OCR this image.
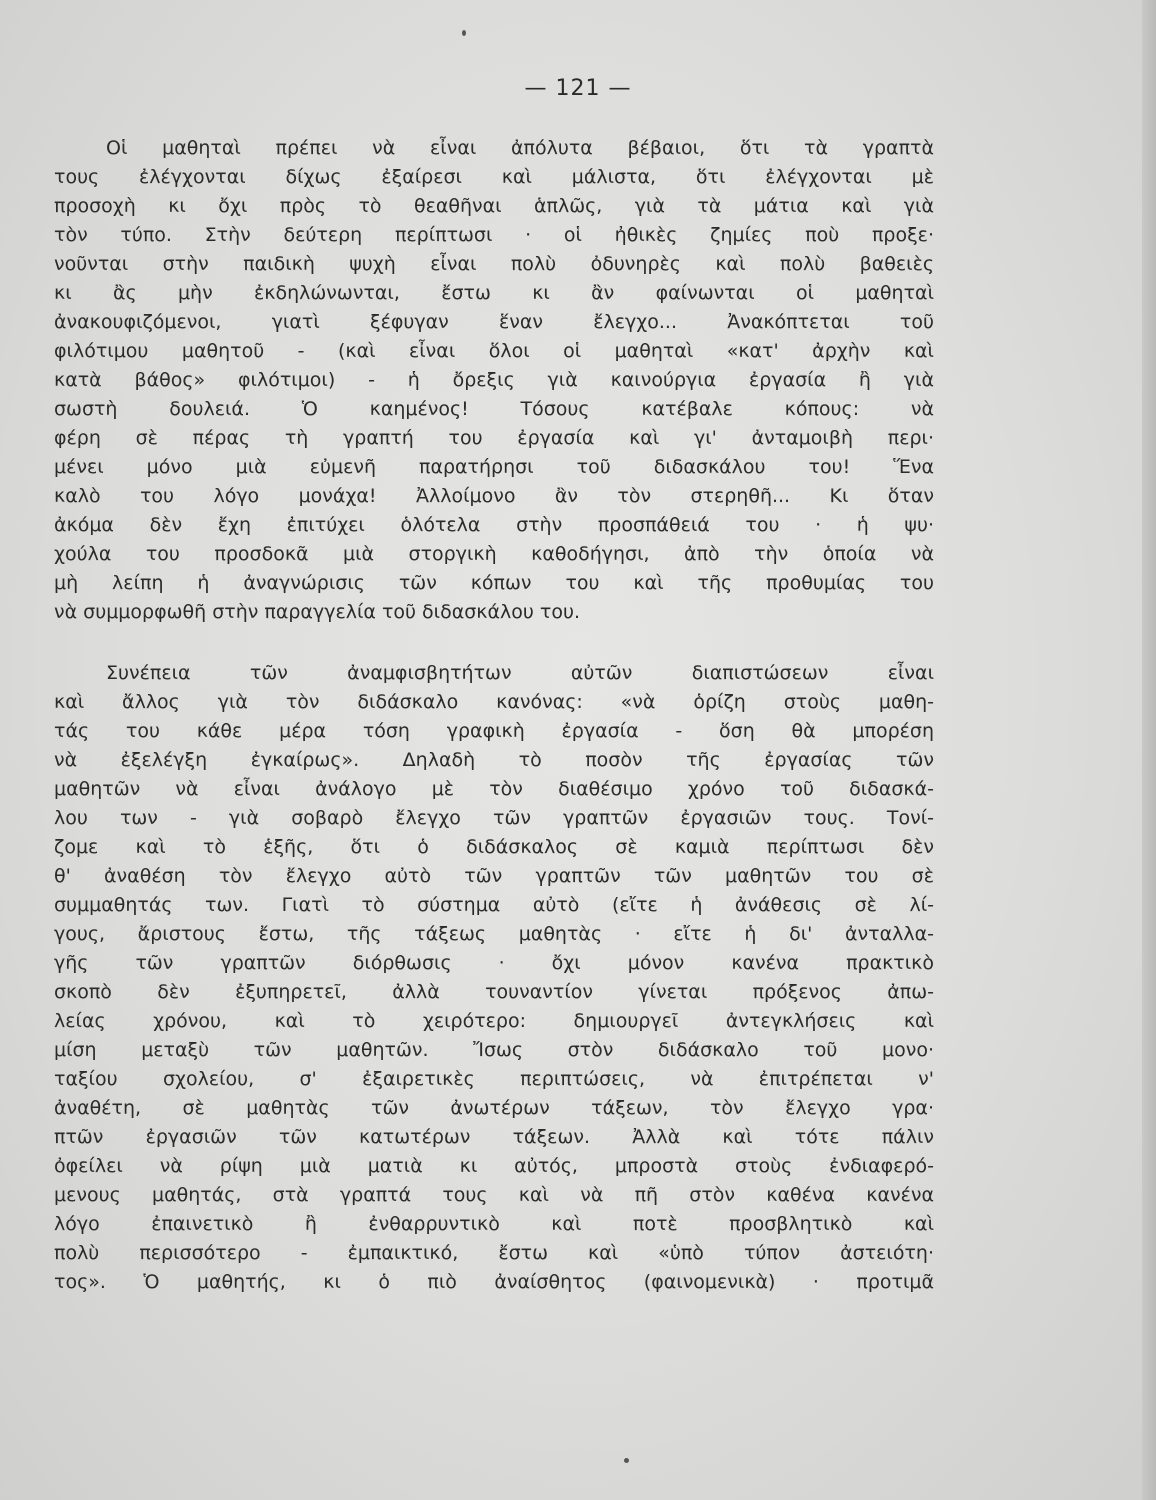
— 121 —
Οἱ μαθηταὶ πρέπει νὰ εἶναι ἀπόλυτα βέβαιοι, ὅτι τὰ γραπτὰ
τους ἐλέγχονται δίχως ἐξαίρεσι καὶ μάλιστα, ὅτι ἐλέγχονται μὲ
προσοχὴ κι ὄχι πρὸς τὸ θεαθῆναι ἁπλῶς, γιὰ τὰ μάτια καὶ γιὰ
τὸν τύπο. Στὴν δεύτερη περίπτωσι · οἱ ἠθικὲς ζημίες ποὺ προξε·
νοῦνται στὴν παιδικὴ ψυχὴ εἶναι πολὺ ὀδυνηρὲς καὶ πολὺ βαθειὲς
κι ἂς μὴν ἐκδηλώνωνται, ἔστω κι ἂν φαίνωνται οἱ μαθηταὶ
ἀνακουφιζόμενοι, γιατὶ ξέφυγαν ἕναν ἔλεγχο... Ἀνακόπτεται τοῦ
φιλότιμου μαθητοῦ - (καὶ εἶναι ὅλοι οἱ μαθηταὶ «κατ' ἀρχὴν καὶ
κατὰ βάθος» φιλότιμοι) - ἡ ὄρεξις γιὰ καινούργια ἐργασία ἢ γιὰ
σωστὴ δουλειά. Ὁ καημένος! Τόσους κατέβαλε κόπους: νὰ
φέρη σὲ πέρας τὴ γραπτή του ἐργασία καὶ γι' ἀνταμοιβὴ περι·
μένει μόνο μιὰ εὐμενῆ παρατήρησι τοῦ διδασκάλου του! Ἕνα
καλὸ του λόγο μονάχα! Ἀλλοίμονο ἂν τὸν στερηθῆ... Κι ὅταν
ἀκόμα δὲν ἔχη ἐπιτύχει ὁλότελα στὴν προσπάθειά του · ἡ ψυ·
χούλα του προσδοκᾶ μιὰ στοργικὴ καθοδήγησι, ἀπὸ τὴν ὁποία νὰ
μὴ λείπη ἡ ἀναγνώρισις τῶν κόπων του καὶ τῆς προθυμίας του
νὰ συμμορφωθῆ στὴν παραγγελία τοῦ διδασκάλου του.
Συνέπεια τῶν ἀναμφισβητήτων αὐτῶν διαπιστώσεων εἶναι
καὶ ἄλλος γιὰ τὸν διδάσκαλο κανόνας: «νὰ ὁρίζη στοὺς μαθη-
τάς του κάθε μέρα τόση γραφικὴ ἐργασία - ὅση θὰ μπορέση
νὰ ἐξελέγξη ἐγκαίρως». Δηλαδὴ τὸ ποσὸν τῆς ἐργασίας τῶν
μαθητῶν νὰ εἶναι ἀνάλογο μὲ τὸν διαθέσιμο χρόνο τοῦ διδασκά-
λου των - γιὰ σοβαρὸ ἔλεγχο τῶν γραπτῶν ἐργασιῶν τους. Τονί-
ζομε καὶ τὸ ἑξῆς, ὅτι ὁ διδάσκαλος σὲ καμιὰ περίπτωσι δὲν
θ' ἀναθέση τὸν ἔλεγχο αὐτὸ τῶν γραπτῶν τῶν μαθητῶν του σὲ
συμμαθητάς των. Γιατὶ τὸ σύστημα αὐτὸ (εἴτε ἡ ἀνάθεσις σὲ λί-
γους, ἄριστους ἔστω, τῆς τάξεως μαθητὰς · εἴτε ἡ δι' ἀνταλλα-
γῆς τῶν γραπτῶν διόρθωσις · ὄχι μόνον κανένα πρακτικὸ
σκοπὸ δὲν ἐξυπηρετεῖ, ἀλλὰ τουναντίον γίνεται πρόξενος ἀπω-
λείας χρόνου, καὶ τὸ χειρότερο: δημιουργεῖ ἀντεγκλήσεις καὶ
μίση μεταξὺ τῶν μαθητῶν. Ἴσως στὸν διδάσκαλο τοῦ μονο·
ταξίου σχολείου, σ' ἐξαιρετικὲς περιπτώσεις, νὰ ἐπιτρέπεται ν'
ἀναθέτη, σὲ μαθητὰς τῶν ἀνωτέρων τάξεων, τὸν ἔλεγχο γρα·
πτῶν ἐργασιῶν τῶν κατωτέρων τάξεων. Ἀλλὰ καὶ τότε πάλιν
ὀφείλει νὰ ρίψη μιὰ ματιὰ κι αὐτός, μπροστὰ στοὺς ἐνδιαφερό-
μενους μαθητάς, στὰ γραπτά τους καὶ νὰ πῆ στὸν καθένα κανένα
λόγο ἐπαινετικὸ ἢ ἐνθαρρυντικὸ καὶ ποτὲ προσβλητικὸ καὶ
πολὺ περισσότερο - ἐμπαικτικό, ἔστω καὶ «ὑπὸ τύπον ἀστειότη·
τος». Ὁ μαθητής, κι ὁ πιὸ ἀναίσθητος (φαινομενικὰ) · προτιμᾶ
